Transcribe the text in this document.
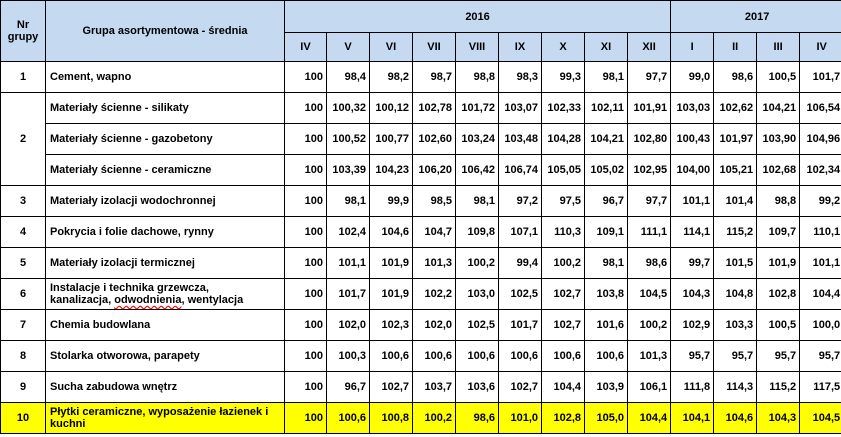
Nr grupy	Grupa asortymentowa - średnia	2016									2017			
		IV	V	VI	VII	VIII	IX	X	XI	XII	I	II	III	IV
1	Cement, wapno	100	98,4	98,2	98,7	98,8	98,3	99,3	98,1	97,7	99,0	98,6	100,5	101,7
2	Materiały ścienne - silikaty	100	100,32	100,12	102,78	101,72	103,07	102,33	102,11	101,91	103,03	102,62	104,21	106,54
	Materiały ścienne - gazobetony	100	100,52	100,77	102,60	103,24	103,48	104,28	104,21	102,80	100,43	101,97	103,90	104,96
	Materiały ścienne - ceramiczne	100	103,39	104,23	106,20	106,42	106,74	105,05	105,02	102,95	104,00	105,21	102,68	102,34
3	Materiały izolacji wodochronnej	100	98,1	99,9	98,5	98,1	97,2	97,5	96,7	97,7	101,1	101,4	98,8	99,2
4	Pokrycia i folie dachowe, rynny	100	102,4	104,6	104,7	109,8	107,1	110,3	109,1	111,1	114,1	115,2	109,7	110,1
5	Materiały izolacji termicznej	100	101,1	101,9	101,3	100,2	99,4	100,2	98,1	98,6	99,7	101,5	101,9	101,1
6	Instalacje i technika grzewcza,
kanalizacja, odwodnienia, wentylacja	100	101,7	101,9	102,2	103,0	102,5	102,7	103,8	104,5	104,3	104,8	102,8	104,4
7	Chemia budowlana	100	102,0	102,3	102,0	102,5	101,7	102,7	101,6	100,2	102,9	103,3	100,5	100,0
8	Stolarka otworowa, parapety	100	100,3	100,6	100,6	100,6	100,6	100,6	100,6	101,3	95,7	95,7	95,7	95,7
9	Sucha zabudowa wnętrz	100	96,7	102,7	103,7	103,6	102,7	104,4	103,9	106,1	111,8	114,3	115,2	117,5
10	Płytki ceramiczne, wyposażenie łazienek i kuchni	100	100,6	100,8	100,2	98,6	101,0	102,8	105,0	104,4	104,1	104,6	104,3	104,5
